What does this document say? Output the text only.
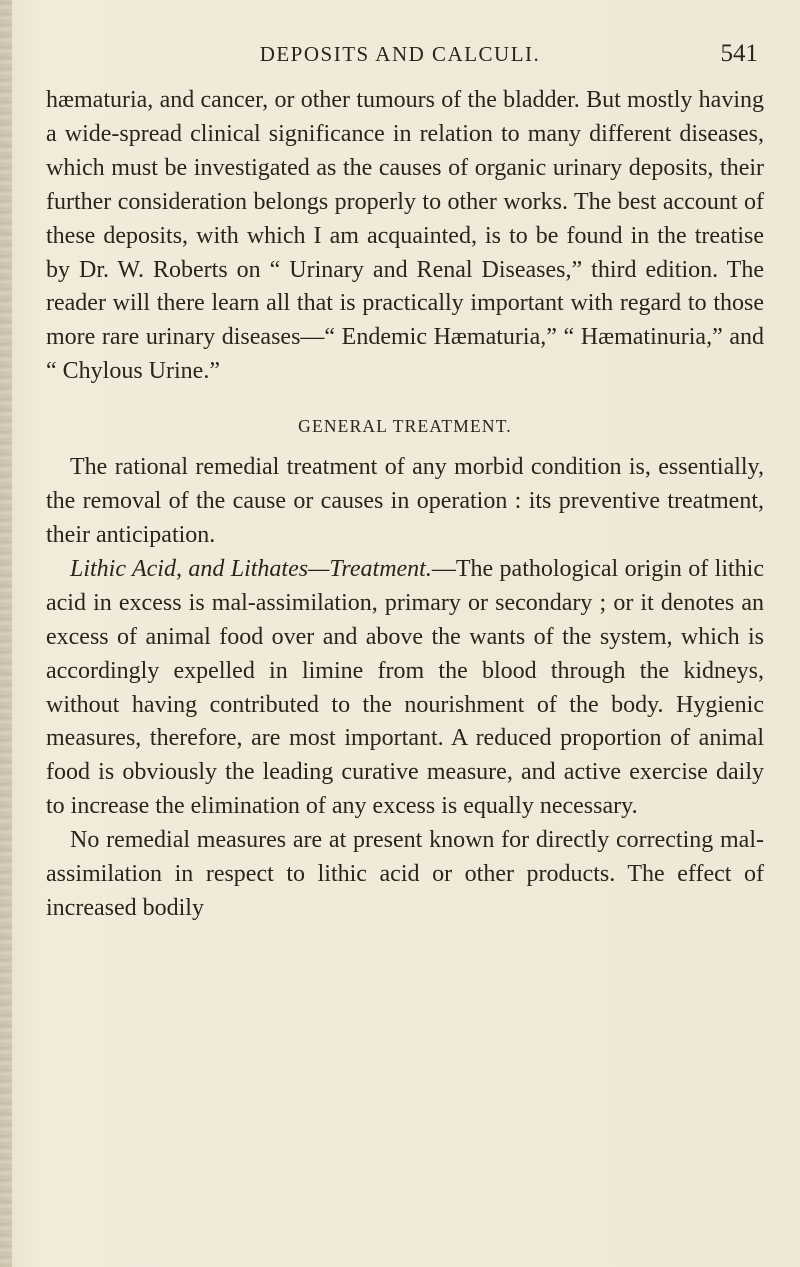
DEPOSITS AND CALCULI.	541

hæmaturia, and cancer, or other tumours of the bladder. But mostly having a wide-spread clinical significance in relation to many different diseases, which must be investigated as the causes of organic urinary deposits, their further consideration belongs properly to other works. The best account of these deposits, with which I am acquainted, is to be found in the treatise by Dr. W. Roberts on “ Urinary and Renal Diseases,” third edition. The reader will there learn all that is practically important with regard to those more rare urinary diseases—“ Endemic Hæmaturia,” “ Hæmatinuria,” and “ Chylous Urine.”

GENERAL TREATMENT.

The rational remedial treatment of any morbid condition is, essentially, the removal of the cause or causes in operation : its preventive treatment, their anticipation.

Lithic Acid, and Lithates—Treatment.—The pathological origin of lithic acid in excess is mal-assimilation, primary or secondary ; or it denotes an excess of animal food over and above the wants of the system, which is accordingly expelled in limine from the blood through the kidneys, without having contributed to the nourishment of the body. Hygienic measures, therefore, are most important. A reduced proportion of animal food is obviously the leading curative measure, and active exercise daily to increase the elimination of any excess is equally necessary.

No remedial measures are at present known for directly correcting mal-assimilation in respect to lithic acid or other products. The effect of increased bodily
